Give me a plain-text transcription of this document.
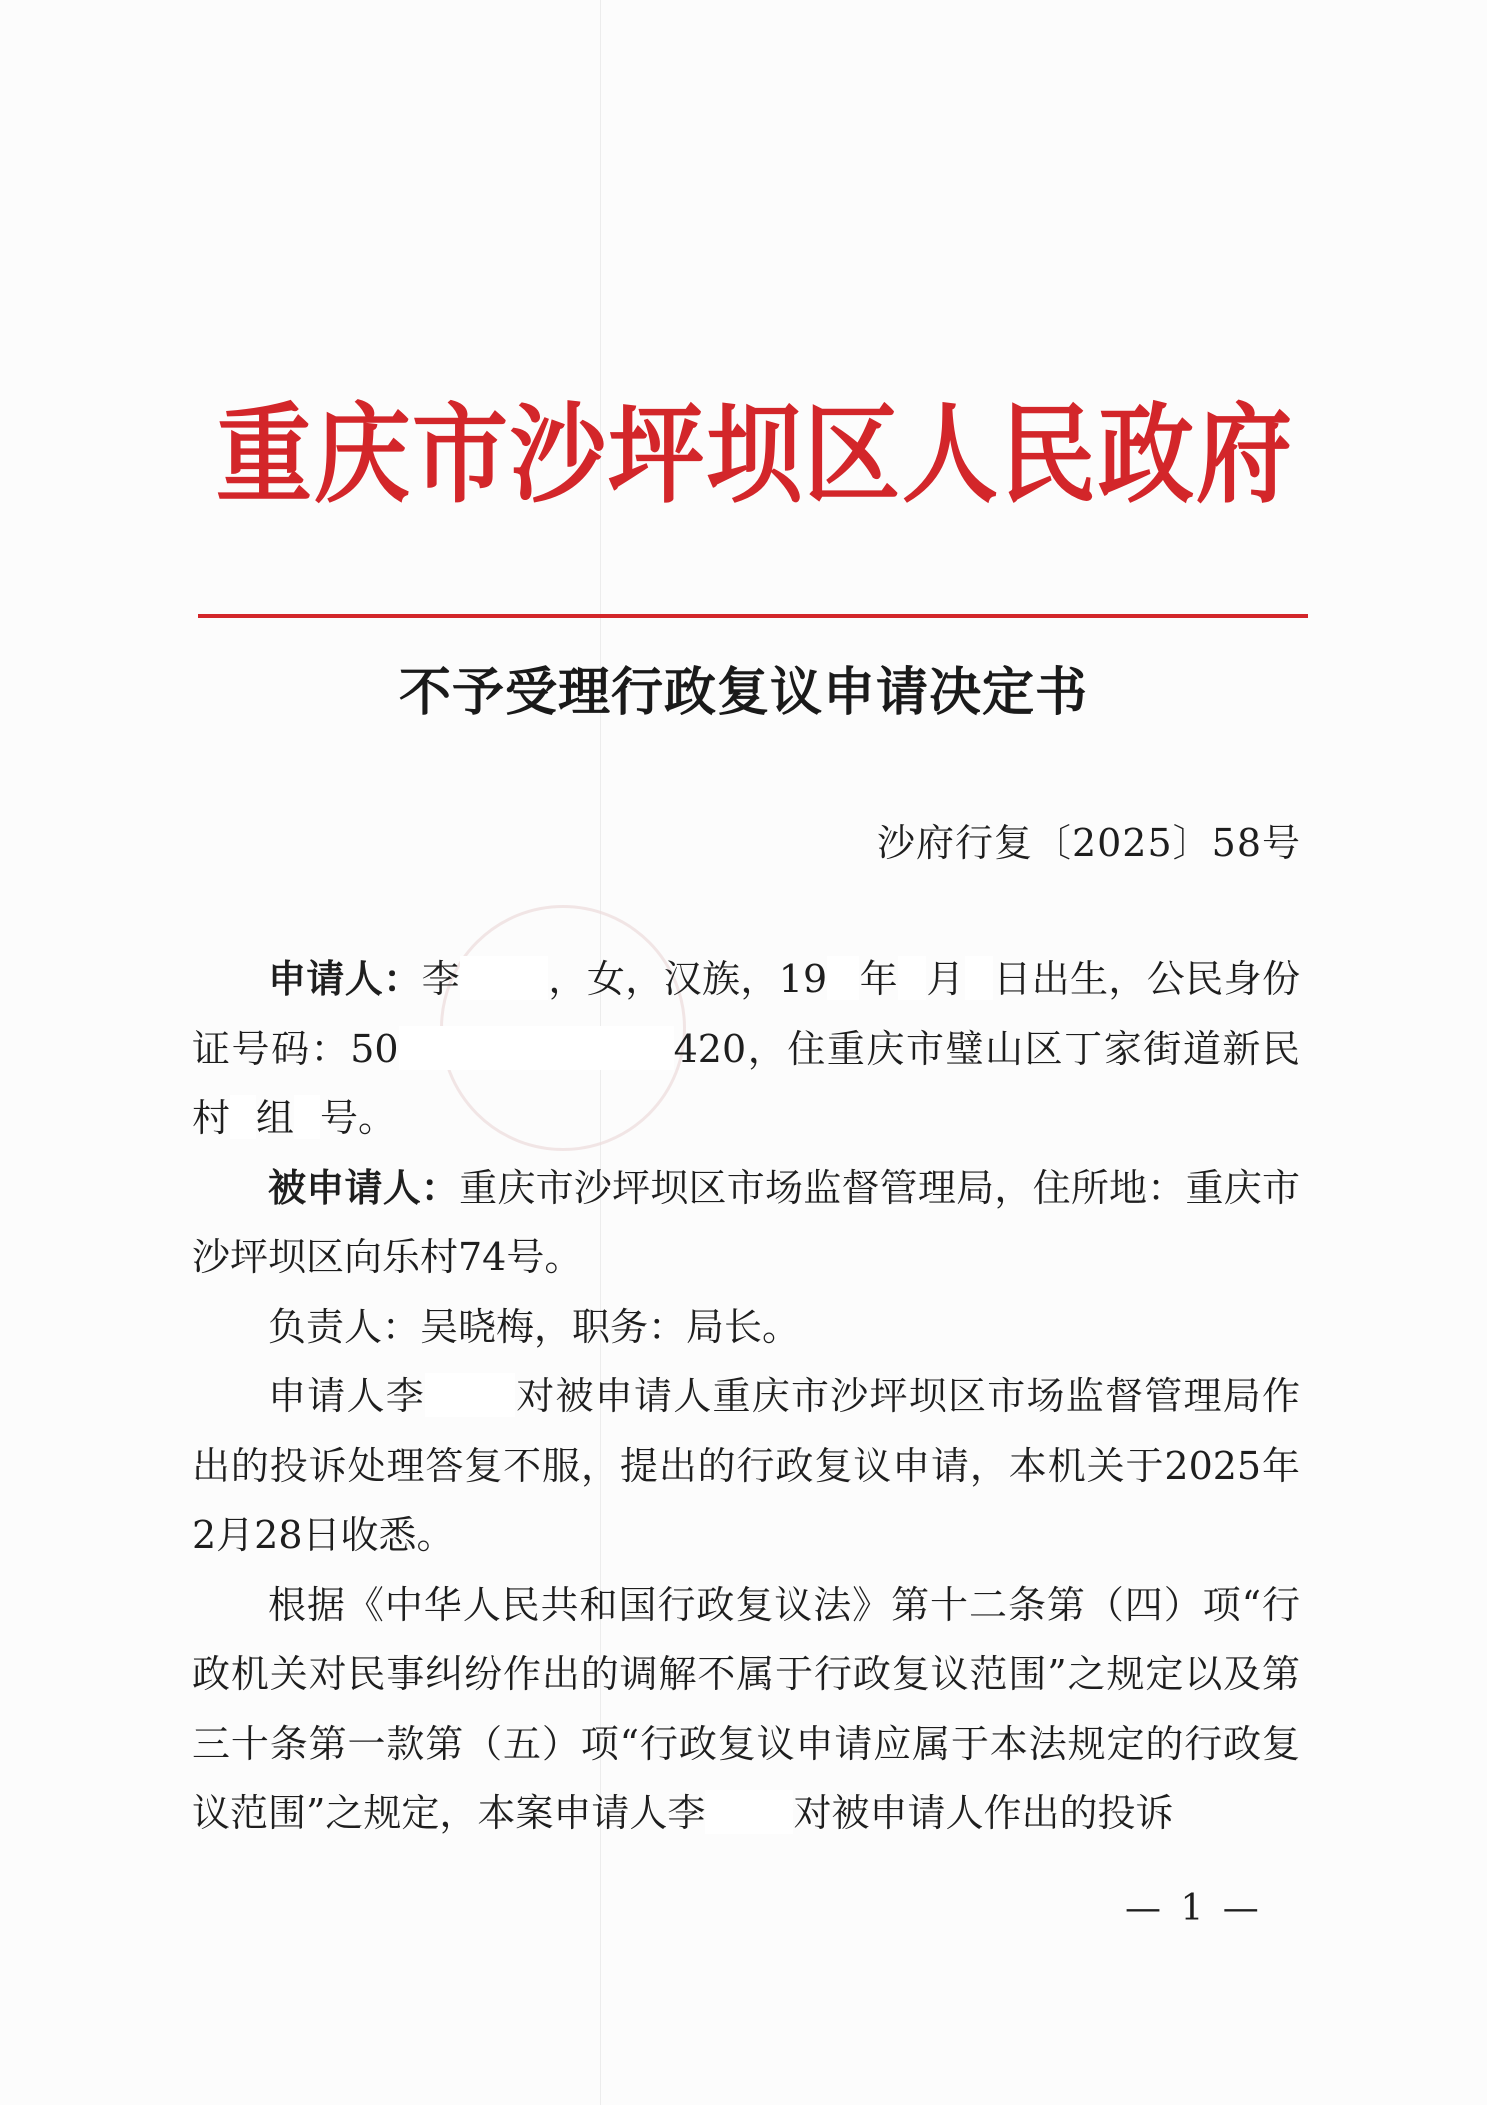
重庆市沙坪坝区人民政府
不予受理行政复议申请决定书
沙府行复〔2025〕58号

申请人：李 ，女，汉族，19 年 月 日出生，公民身份证号码：50	420，住重庆市璧山区丁家街道新民村 组 号。

被申请人：重庆市沙坪坝区市场监督管理局，住所地：重庆市沙坪坝区向乐村74号。

负责人：吴晓梅，职务：局长。

申请人李 对被申请人重庆市沙坪坝区市场监督管理局作出的投诉处理答复不服，提出的行政复议申请，本机关于2025年2月28日收悉。

根据《中华人民共和国行政复议法》第十二条第（四）项“行政机关对民事纠纷作出的调解不属于行政复议范围”之规定以及第三十条第一款第（五）项“行政复议申请应属于本法规定的行政复议范围”之规定，本案申请人李 对被申请人作出的投诉

— 1 —
